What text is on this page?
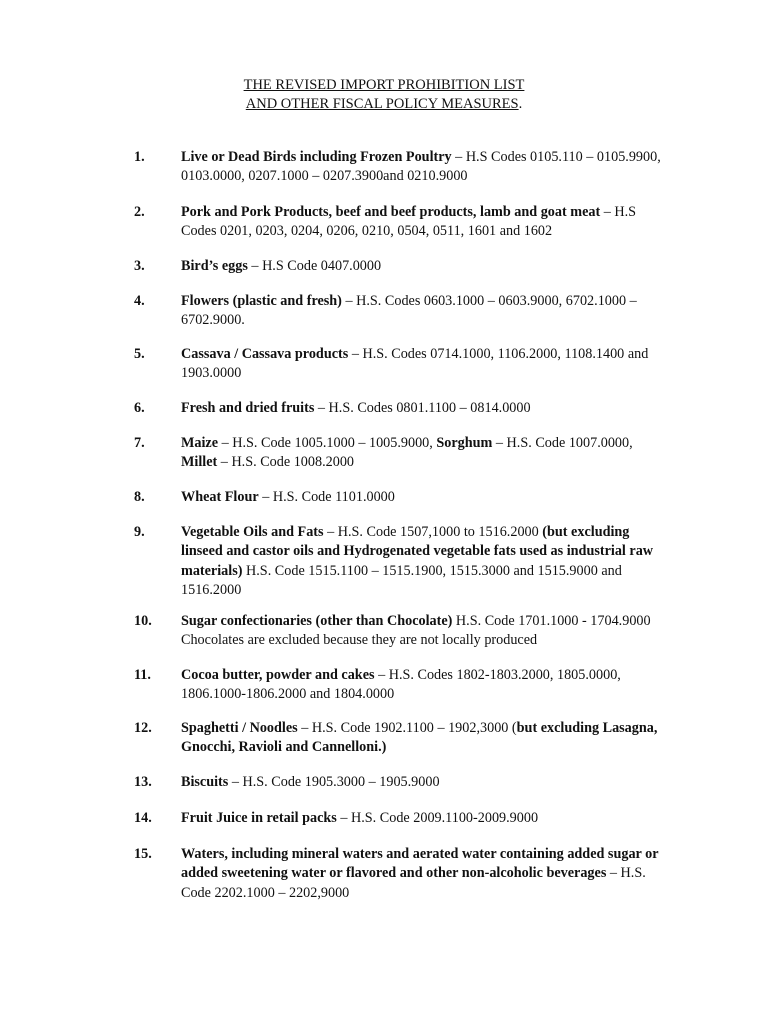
THE REVISED IMPORT PROHIBITION LIST
AND OTHER FISCAL POLICY MEASURES.
1.	Live or Dead Birds including Frozen Poultry – H.S Codes 0105.110 – 0105.9900, 0103.0000, 0207.1000 – 0207.3900and 0210.9000
2.	Pork and Pork Products, beef and beef products, lamb and goat meat – H.S Codes 0201, 0203, 0204, 0206, 0210, 0504, 0511, 1601 and 1602
3.	Bird’s eggs – H.S Code 0407.0000
4.	Flowers (plastic and fresh) – H.S. Codes 0603.1000 – 0603.9000, 6702.1000 – 6702.9000.
5.	Cassava / Cassava products – H.S. Codes 0714.1000, 1106.2000, 1108.1400 and 1903.0000
6.	Fresh and dried fruits – H.S. Codes 0801.1100 – 0814.0000
7.	Maize – H.S. Code 1005.1000 – 1005.9000, Sorghum – H.S. Code 1007.0000, Millet – H.S. Code 1008.2000
8.	Wheat Flour – H.S. Code 1101.0000
9.	Vegetable Oils and Fats – H.S. Code 1507,1000 to 1516.2000 (but excluding linseed and castor oils and Hydrogenated vegetable fats used as industrial raw materials) H.S. Code 1515.1100 – 1515.1900, 1515.3000 and 1515.9000 and 1516.2000
10. Sugar confectionaries (other than Chocolate) H.S. Code 1701.1000 - 1704.9000 Chocolates are excluded because they are not locally produced
11. Cocoa butter, powder and cakes – H.S. Codes 1802-1803.2000, 1805.0000, 1806.1000-1806.2000 and 1804.0000
12. Spaghetti / Noodles – H.S. Code 1902.1100 – 1902,3000 (but excluding Lasagna, Gnocchi, Ravioli and Cannelloni.)
13. Biscuits – H.S. Code 1905.3000 – 1905.9000
14. Fruit Juice in retail packs – H.S. Code 2009.1100-2009.9000
15. Waters, including mineral waters and aerated water containing added sugar or added sweetening water or flavored and other non-alcoholic beverages – H.S. Code 2202.1000 – 2202,9000
